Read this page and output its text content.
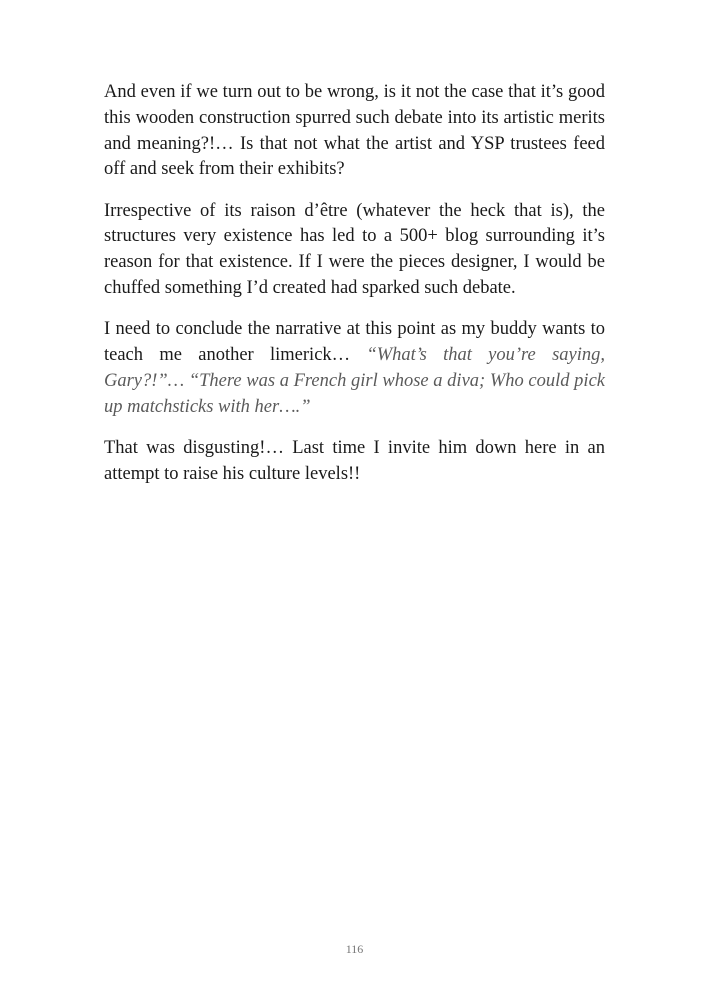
And even if we turn out to be wrong, is it not the case that it’s good this wooden construction spurred such debate into its artistic merits and meaning?!… Is that not what the artist and YSP trustees feed off and seek from their exhibits?

Irrespective of its raison d’être (whatever the heck that is), the structures very existence has led to a 500+ blog surrounding it’s reason for that existence. If I were the pieces designer, I would be chuffed something I’d created had sparked such debate.

I need to conclude the narrative at this point as my buddy wants to teach me another limerick… “What’s that you’re saying, Gary?!”… “There was a French girl whose a diva; Who could pick up matchsticks with her….”

That was disgusting!… Last time I invite him down here in an attempt to raise his culture levels!!

116
